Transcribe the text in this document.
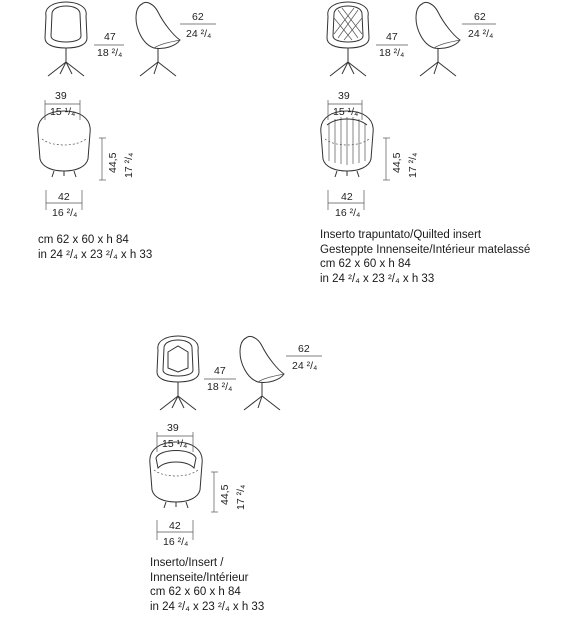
47
18 ²/₄
62
24 ²/₄
39
15 ¹/₄
44,5 17 ²/₄
42
16 ²/₄
cm 62 x 60 x h 84
in 24 ²/₄ x 23 ²/₄ x h 33
47
18 ²/₄
62
24 ²/₄
39
15 ¹/₄
44,5 17 ²/₄
42
16 ²/₄
Inserto trapuntato/Quilted insert
Gesteppte Innenseite/Intérieur matelassé
cm 62 x 60 x h 84
in 24 ²/₄ x 23 ²/₄ x h 33
47
18 ²/₄
62
24 ²/₄
39
15 ¹/₄
44,5 17 ²/₄
42
16 ²/₄
Inserto/Insert /
Innenseite/Intérieur
cm 62 x 60 x h 84
in 24 ²/₄ x 23 ²/₄ x h 33
